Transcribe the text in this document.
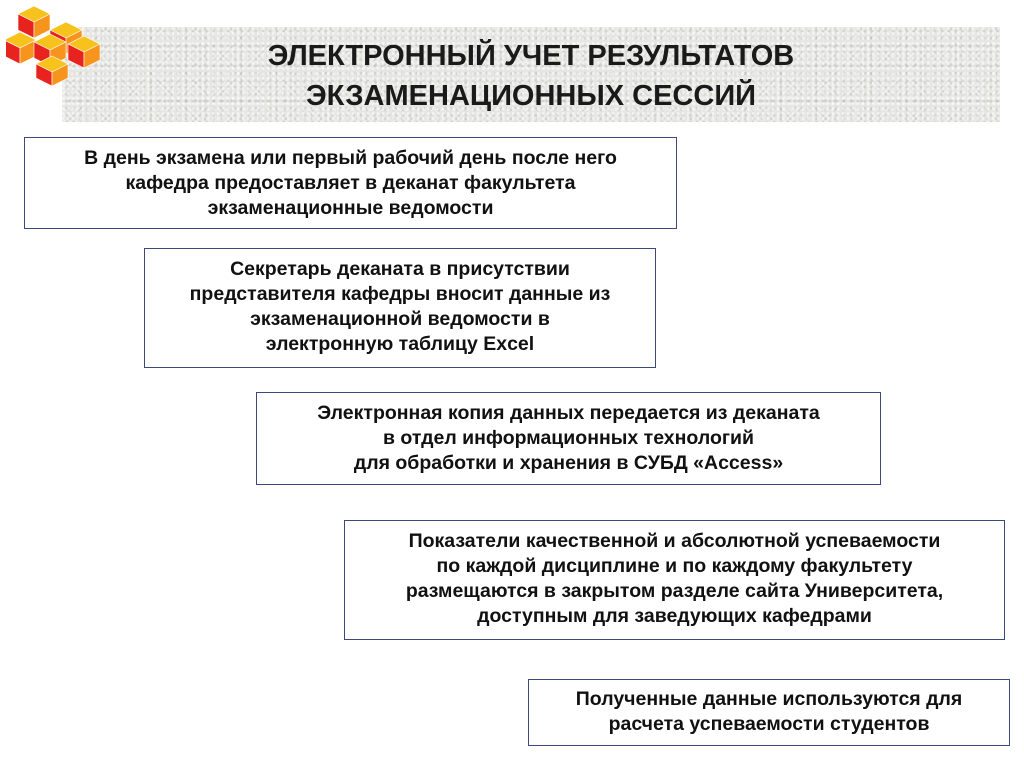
ЭЛЕКТРОННЫЙ УЧЕТ РЕЗУЛЬТАТОВ
ЭКЗАМЕНАЦИОННЫХ СЕССИЙ
В день экзамена или первый рабочий день после него
кафедра предоставляет в деканат факультета
экзаменационные ведомости
Секретарь деканата в присутствии
представителя кафедры вносит данные из
экзаменационной ведомости в
электронную таблицу Excel
Электронная копия данных передается из деканата
в отдел информационных технологий
для обработки и хранения в СУБД «Access»
Показатели качественной и абсолютной успеваемости
по каждой дисциплине и по каждому факультету
размещаются в закрытом разделе сайта Университета,
доступным для заведующих кафедрами
Полученные данные используются для
расчета успеваемости студентов
